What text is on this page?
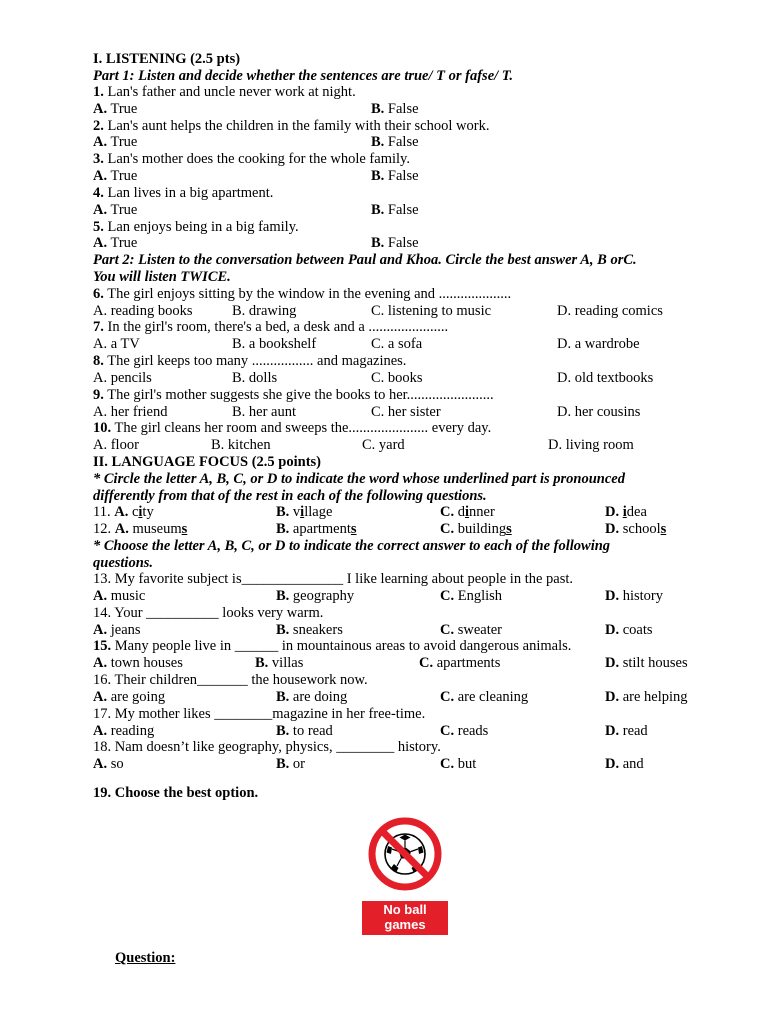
I. LISTENING (2.5 pts)
Part 1: Listen and decide whether the sentences are true/ T or fafse/ T.
1. Lan's father and uncle never work at night.
A. True	B. False
2. Lan's aunt helps the children in the family with their school work.
A. True	B. False
3. Lan's mother does the cooking for the whole family.
A. True	B. False
4. Lan lives in a big apartment.
A. True	B. False
5. Lan enjoys being in a big family.
A. True	B. False
Part 2: Listen to the conversation between Paul and Khoa. Circle the best answer A, B orC.
You will listen TWICE.
6. The girl enjoys sitting by the window in the evening and ....................
A. reading books	B. drawing	C. listening to music	D. reading comics
7. In the girl's room, there's a bed, a desk and a ......................
A. a TV	B. a bookshelf	C. a sofa	D. a wardrobe
8. The girl keeps too many ................. and magazines.
A. pencils	B. dolls	C. books	D. old textbooks
9. The girl's mother suggests she give the books to her........................
A. her friend	B. her aunt	C. her sister	D. her cousins
10. The girl cleans her room and sweeps the...................... every day.
A. floor	B. kitchen	C. yard	D. living room
II. LANGUAGE FOCUS (2.5 points)
* Circle the letter A, B, C, or D to indicate the word whose underlined part is pronounced
differently from that of the rest in each of the following questions.
11. A. city	B. village	C. dinner	D. idea
12. A. museums	B. apartments	C. buildings	D. schools
* Choose the letter A, B, C, or D to indicate the correct answer to each of the following
questions.
13. My favorite subject is______________ I like learning about people in the past.
A. music	B. geography	C. English	D. history
14. Your __________ looks very warm.
A. jeans	B. sneakers	C. sweater	D. coats
15. Many people live in ______ in mountainous areas to avoid dangerous animals.
A. town houses	B. villas	C. apartments	D. stilt houses
16. Their children_______ the housework now.
A. are going	B. are doing	C. are cleaning	D. are helping
17. My mother likes ________magazine in her free-time.
A. reading	B. to read	C. reads	D. read
18. Nam doesn’t like geography, physics, ________ history.
A. so	B. or	C. but	D. and
19. Choose the best option.
No ball
games
Question:
